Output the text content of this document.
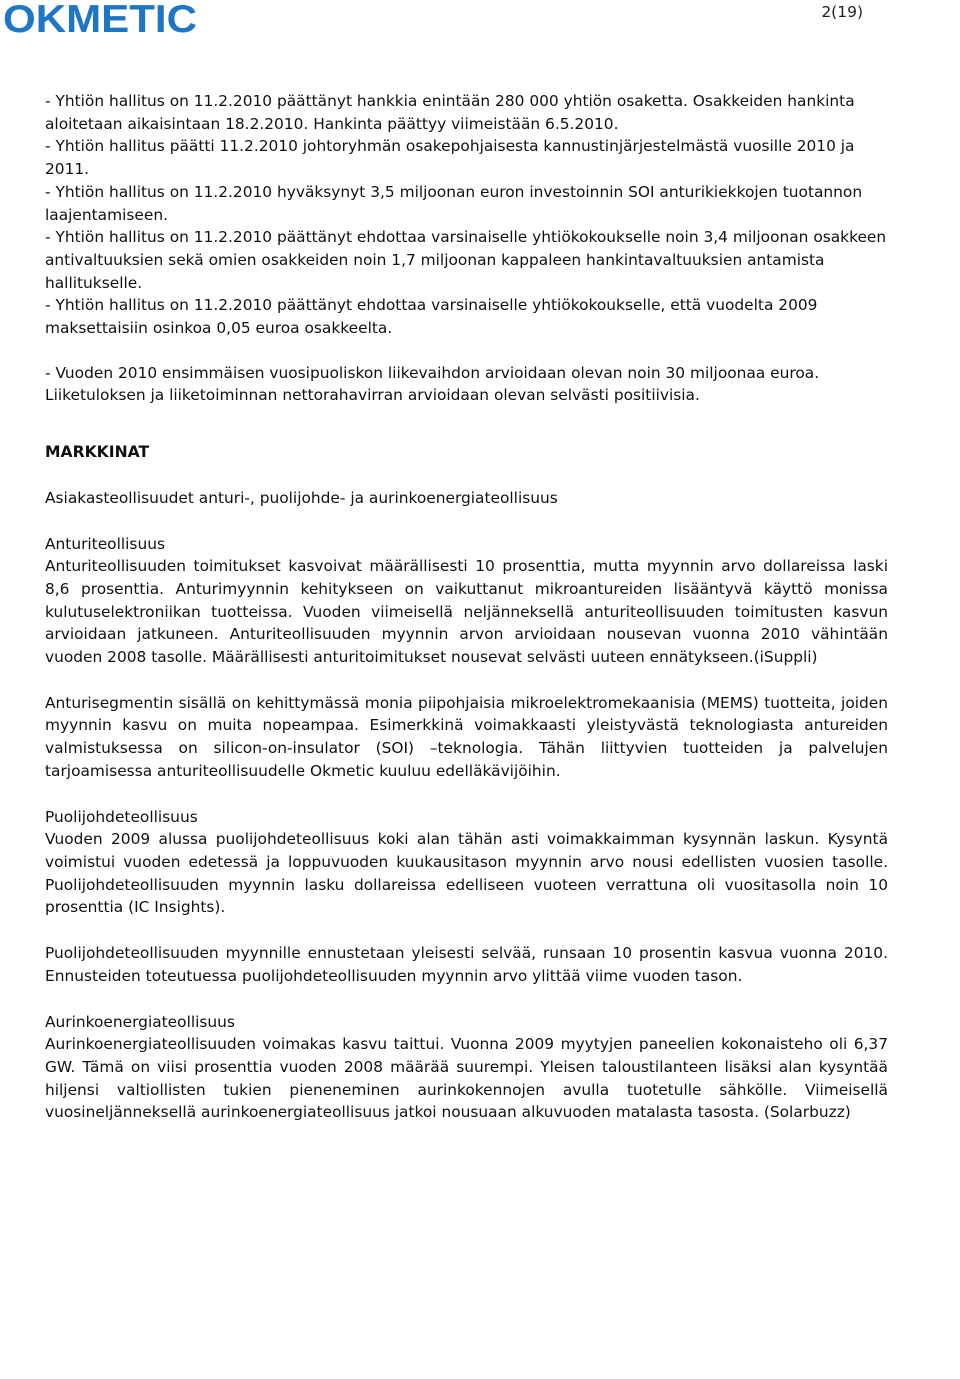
OKMETIC	2(19)

- Yhtiön hallitus on 11.2.2010 päättänyt hankkia enintään 280 000 yhtiön osaketta. Osakkeiden hankinta aloitetaan aikaisintaan 18.2.2010. Hankinta päättyy viimeistään 6.5.2010.

- Yhtiön hallitus päätti 11.2.2010 johtoryhmän osakepohjaisesta kannustinjärjestelmästä vuosille 2010 ja 2011.

- Yhtiön hallitus on 11.2.2010 hyväksynyt 3,5 miljoonan euron investoinnin SOI anturikiekkojen tuotannon laajentamiseen.

- Yhtiön hallitus on 11.2.2010 päättänyt ehdottaa varsinaiselle yhtiökokoukselle noin 3,4 miljoonan osakkeen antivaltuuksien sekä omien osakkeiden noin 1,7 miljoonan kappaleen hankintavaltuuksien antamista hallitukselle.

- Yhtiön hallitus on 11.2.2010 päättänyt ehdottaa varsinaiselle yhtiökokoukselle, että vuodelta 2009 maksettaisiin osinkoa 0,05 euroa osakkeelta.

- Vuoden 2010 ensimmäisen vuosipuoliskon liikevaihdon arvioidaan olevan noin 30 miljoonaa euroa. Liiketuloksen ja liiketoiminnan nettorahavirran arvioidaan olevan selvästi positiivisia.

MARKKINAT

Asiakasteollisuudet anturi-, puolijohde- ja aurinkoenergiateollisuus

Anturiteollisuus

Anturiteollisuuden toimitukset kasvoivat määrällisesti 10 prosenttia, mutta myynnin arvo dollareissa laski 8,6 prosenttia. Anturimyynnin kehitykseen on vaikuttanut mikroantureiden lisääntyvä käyttö monissa kulutuselektroniikan tuotteissa. Vuoden viimeisellä neljänneksellä anturiteollisuuden toimitusten kasvun arvioidaan jatkuneen. Anturiteollisuuden myynnin arvon arvioidaan nousevan vuonna 2010 vähintään vuoden 2008 tasolle. Määrällisesti anturitoimitukset nousevat selvästi uuteen ennätykseen.(iSuppli)

Anturisegmentin sisällä on kehittymässä monia piipohjaisia mikroelektromekaanisia (MEMS) tuotteita, joiden myynnin kasvu on muita nopeampaa. Esimerkkinä voimakkaasti yleistyvästä teknologiasta antureiden valmistuksessa on silicon-on-insulator (SOI) –teknologia. Tähän liittyvien tuotteiden ja palvelujen tarjoamisessa anturiteollisuudelle Okmetic kuuluu edelläkävijöihin.

Puolijohdeteollisuus

Vuoden 2009 alussa puolijohdeteollisuus koki alan tähän asti voimakkaimman kysynnän laskun. Kysyntä voimistui vuoden edetessä ja loppuvuoden kuukausitason myynnin arvo nousi edellisten vuosien tasolle. Puolijohdeteollisuuden myynnin lasku dollareissa edelliseen vuoteen verrattuna oli vuositasolla noin 10 prosenttia (IC Insights).

Puolijohdeteollisuuden myynnille ennustetaan yleisesti selvää, runsaan 10 prosentin kasvua vuonna 2010. Ennusteiden toteutuessa puolijohdeteollisuuden myynnin arvo ylittää viime vuoden tason.

Aurinkoenergiateollisuus

Aurinkoenergiateollisuuden voimakas kasvu taittui. Vuonna 2009 myytyjen paneelien kokonaisteho oli 6,37 GW. Tämä on viisi prosenttia vuoden 2008 määrää suurempi. Yleisen taloustilanteen lisäksi alan kysyntää hiljensi valtiollisten tukien pieneneminen aurinkokennojen avulla tuotetulle sähkölle. Viimeisellä vuosineljänneksellä aurinkoenergiateollisuus jatkoi nousuaan alkuvuoden matalasta tasosta. (Solarbuzz)
